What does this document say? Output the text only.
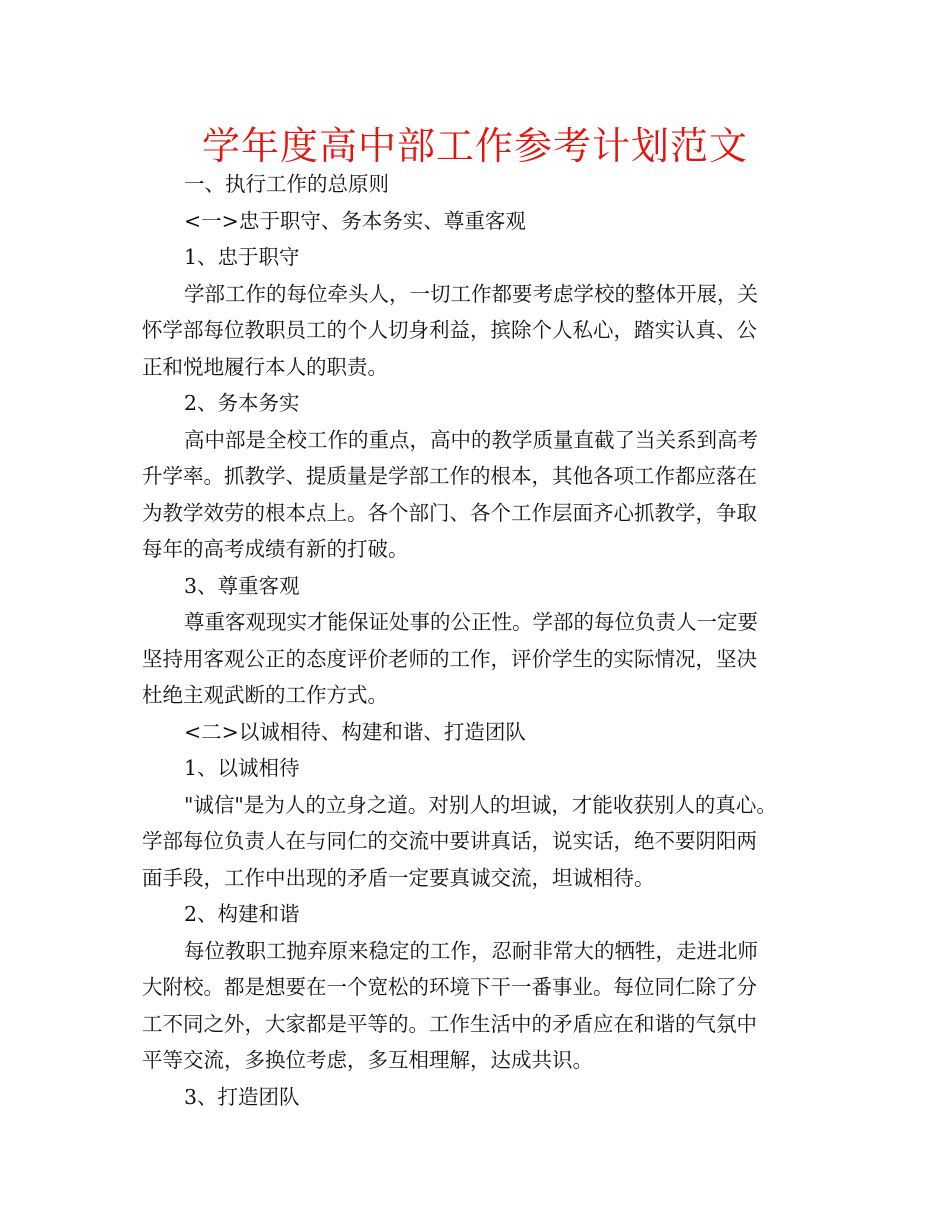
学年度高中部工作参考计划范文
一、执行工作的总原则
<一>忠于职守、务本务实、尊重客观
1、忠于职守
学部工作的每位牵头人，一切工作都要考虑学校的整体开展，关
怀学部每位教职员工的个人切身利益，摈除个人私心，踏实认真、公
正和悦地履行本人的职责。
2、务本务实
高中部是全校工作的重点，高中的教学质量直截了当关系到高考
升学率。抓教学、提质量是学部工作的根本，其他各项工作都应落在
为教学效劳的根本点上。各个部门、各个工作层面齐心抓教学，争取
每年的高考成绩有新的打破。
3、尊重客观
尊重客观现实才能保证处事的公正性。学部的每位负责人一定要
坚持用客观公正的态度评价老师的工作，评价学生的实际情况，坚决
杜绝主观武断的工作方式。
<二>以诚相待、构建和谐、打造团队
1、以诚相待
"诚信"是为人的立身之道。对别人的坦诚，才能收获别人的真心。
学部每位负责人在与同仁的交流中要讲真话，说实话，绝不要阴阳两
面手段，工作中出现的矛盾一定要真诚交流，坦诚相待。
2、构建和谐
每位教职工抛弃原来稳定的工作，忍耐非常大的牺牲，走进北师
大附校。都是想要在一个宽松的环境下干一番事业。每位同仁除了分
工不同之外，大家都是平等的。工作生活中的矛盾应在和谐的气氛中
平等交流，多换位考虑，多互相理解，达成共识。
3、打造团队
